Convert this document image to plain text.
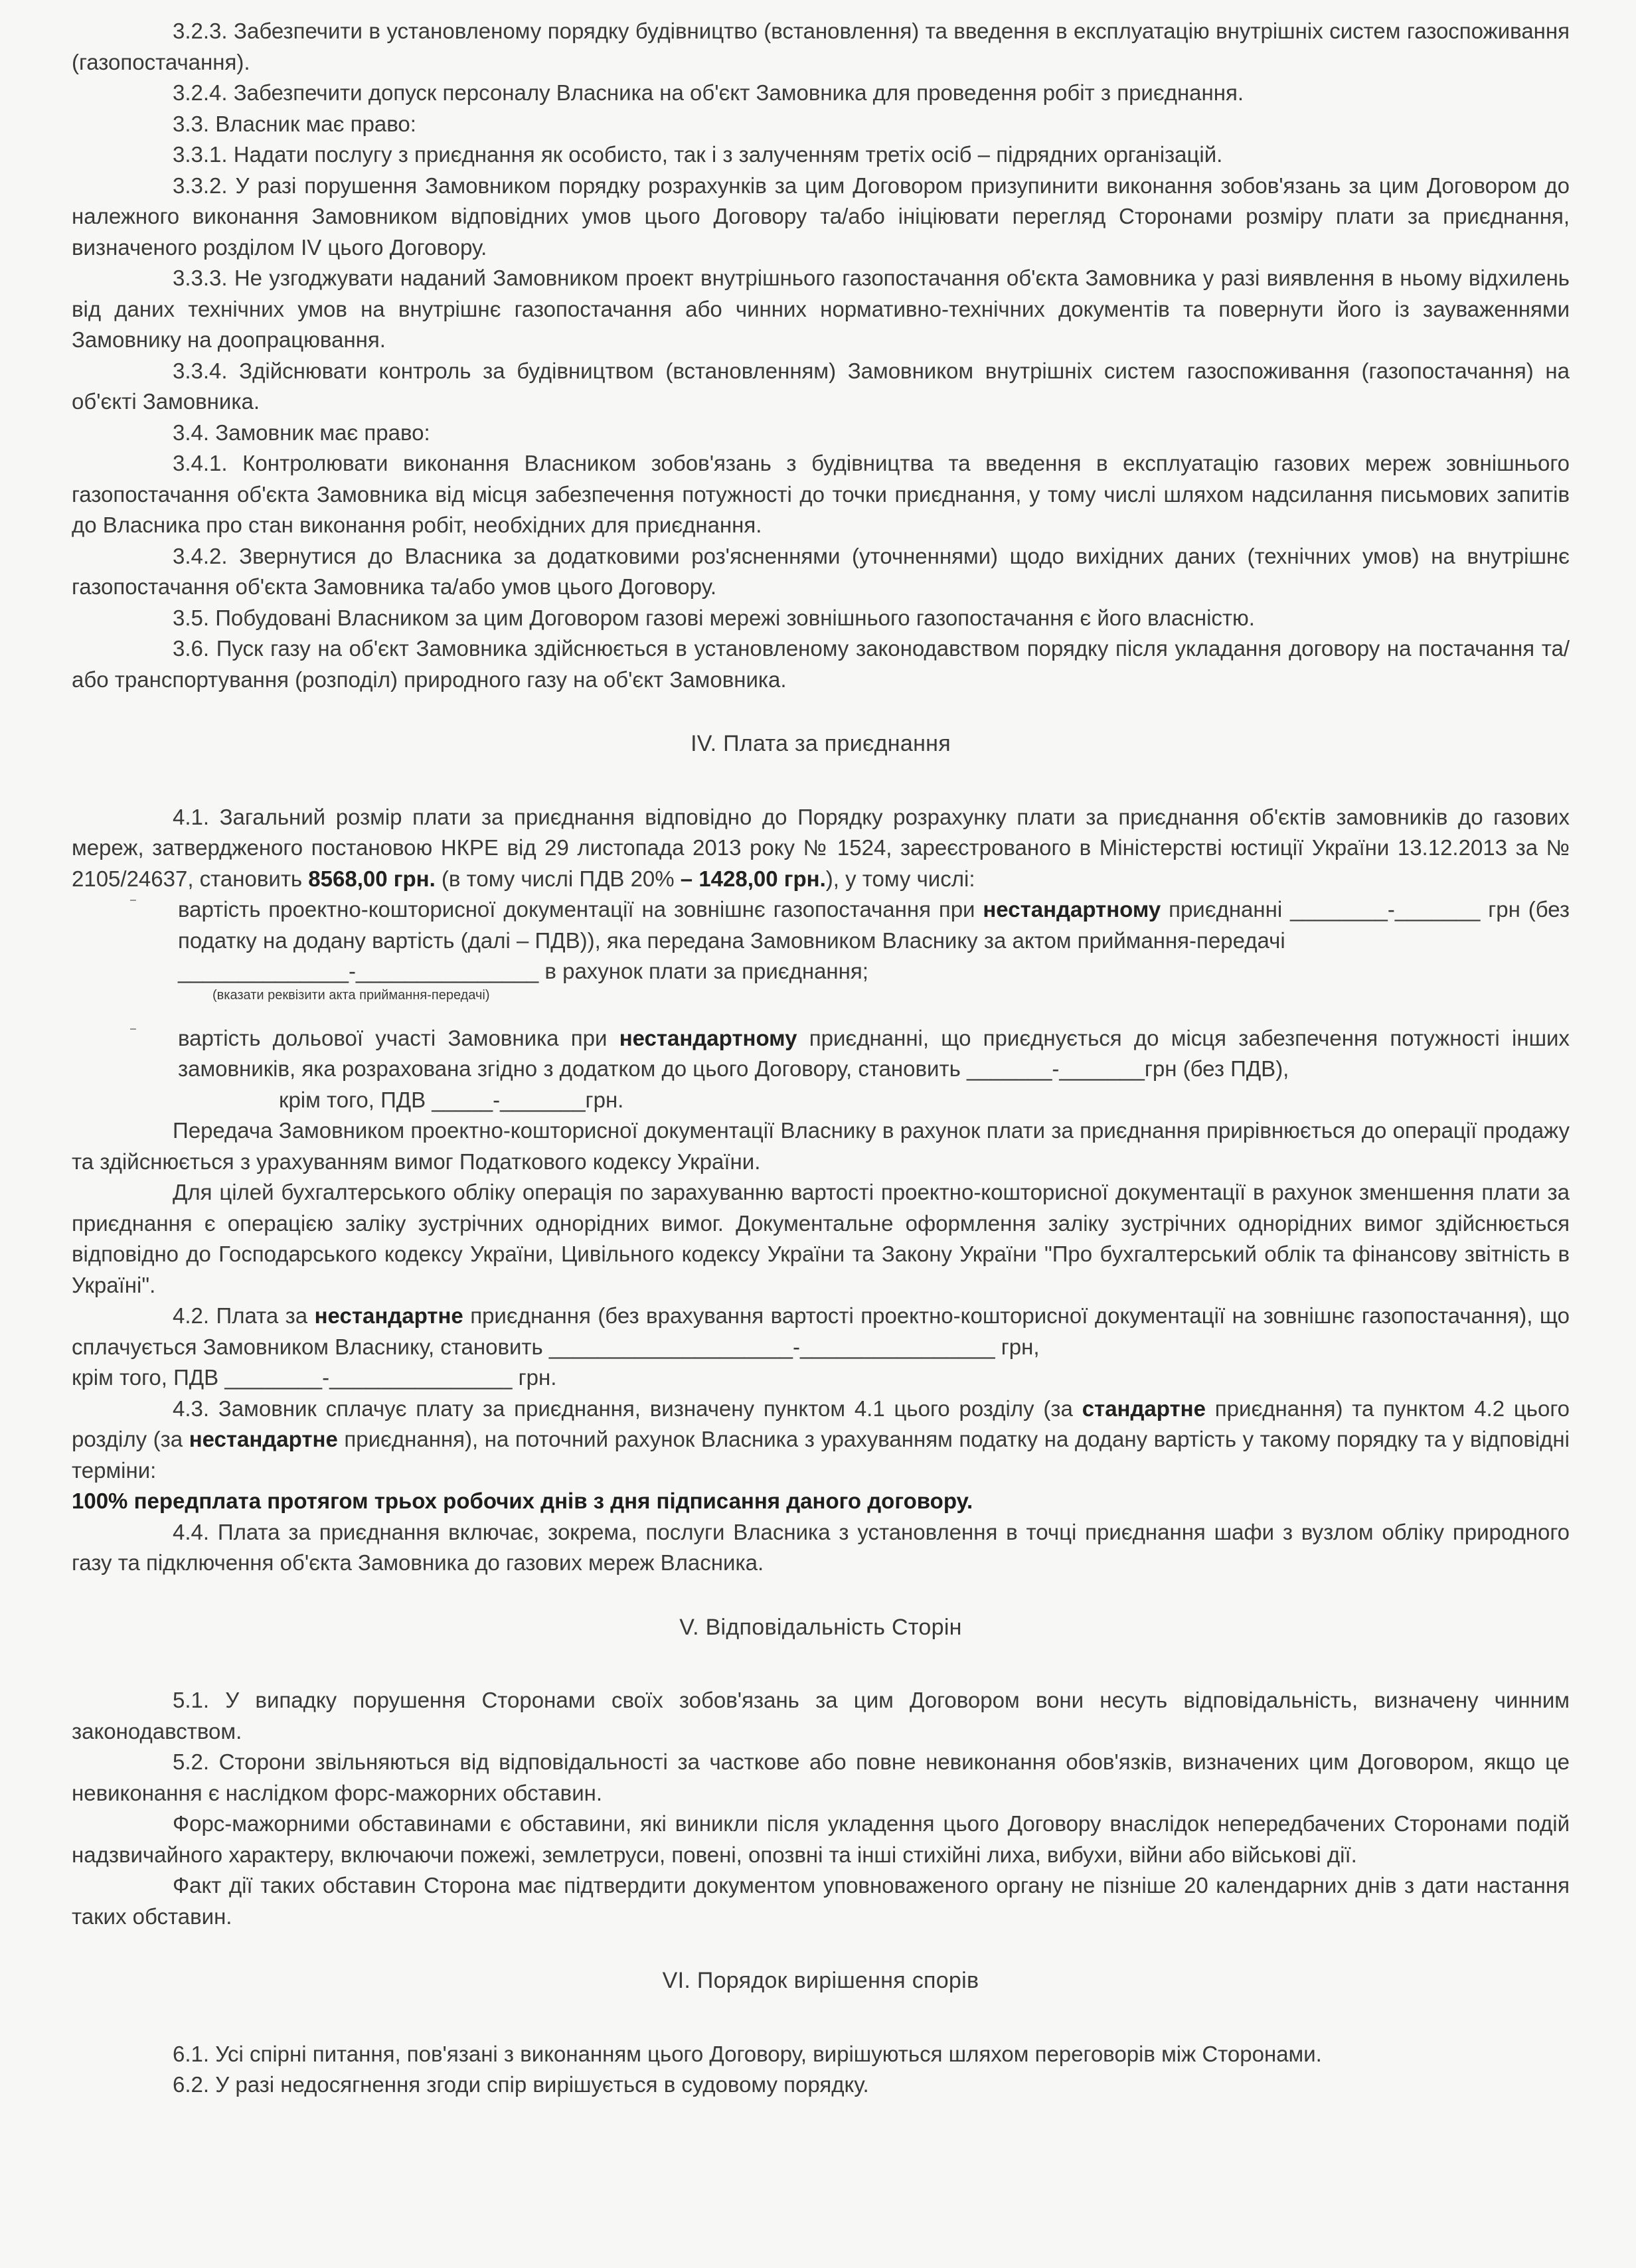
3.2.3. Забезпечити в установленому порядку будівництво (встановлення) та введення в експлуатацію внутрішніх систем газоспоживання (газопостачання).

3.2.4. Забезпечити допуск персоналу Власника на об'єкт Замовника для проведення робіт з приєднання.

3.3. Власник має право:

3.3.1. Надати послугу з приєднання як особисто, так і з залученням третіх осіб – підрядних організацій.

3.3.2. У разі порушення Замовником порядку розрахунків за цим Договором призупинити виконання зобов'язань за цим Договором до належного виконання Замовником відповідних умов цього Договору та/або ініціювати перегляд Сторонами розміру плати за приєднання, визначеного розділом IV цього Договору.

3.3.3. Не узгоджувати наданий Замовником проект внутрішнього газопостачання об'єкта Замовника у разі виявлення в ньому відхилень від даних технічних умов на внутрішнє газопостачання або чинних нормативно-технічних документів та повернути його із зауваженнями Замовнику на доопрацювання.

3.3.4. Здійснювати контроль за будівництвом (встановленням) Замовником внутрішніх систем газоспоживання (газопостачання) на об'єкті Замовника.

3.4. Замовник має право:

3.4.1. Контролювати виконання Власником зобов'язань з будівництва та введення в експлуатацію газових мереж зовнішнього газопостачання об'єкта Замовника від місця забезпечення потужності до точки приєднання, у тому числі шляхом надсилання письмових запитів до Власника про стан виконання робіт, необхідних для приєднання.

3.4.2. Звернутися до Власника за додатковими роз'ясненнями (уточненнями) щодо вихідних даних (технічних умов) на внутрішнє газопостачання об'єкта Замовника та/або умов цього Договору.

3.5. Побудовані Власником за цим Договором газові мережі зовнішнього газопостачання є його власністю.

3.6. Пуск газу на об'єкт Замовника здійснюється в установленому законодавством порядку після укладання договору на постачання та/або транспортування (розподіл) природного газу на об'єкт Замовника.

IV. Плата за приєднання

4.1. Загальний розмір плати за приєднання відповідно до Порядку розрахунку плати за приєднання об'єктів замовників до газових мереж, затвердженого постановою НКРЕ від 29 листопада 2013 року № 1524, зареєстрованого в Міністерстві юстиції України 13.12.2013 за № 2105/24637, становить 8568,00 грн. (в тому числі ПДВ 20% – 1428,00 грн.), у тому числі:

–	вартість проектно-кошторисної документації на зовнішнє газопостачання при нестандартному приєднанні ________-_______ грн (без податку на додану вартість (далі – ПДВ)), яка передана Замовником Власнику за актом приймання-передачі

______________-_______________ в рахунок плати за приєднання;

(вказати реквізити акта приймання-передачі)

–	вартість дольової участі Замовника при нестандартному приєднанні, що приєднується до місця забезпечення потужності інших замовників, яка розрахована згідно з додатком до цього Договору, становить _______-_______грн (без ПДВ),

крім того, ПДВ _____-_______грн.

Передача Замовником проектно-кошторисної документації Власнику в рахунок плати за приєднання прирівнюється до операції продажу та здійснюється з урахуванням вимог Податкового кодексу України.

Для цілей бухгалтерського обліку операція по зарахуванню вартості проектно-кошторисної документації в рахунок зменшення плати за приєднання є операцією заліку зустрічних однорідних вимог. Документальне оформлення заліку зустрічних однорідних вимог здійснюється відповідно до Господарського кодексу України, Цивільного кодексу України та Закону України "Про бухгалтерський облік та фінансову звітність в Україні".

4.2. Плата за нестандартне приєднання (без врахування вартості проектно-кошторисної документації на зовнішнє газопостачання), що сплачується Замовником Власнику, становить ____________________-________________ грн,

крім того, ПДВ ________-_______________ грн.

4.3. Замовник сплачує плату за приєднання, визначену пунктом 4.1 цього розділу (за стандартне приєднання) та пунктом 4.2 цього розділу (за нестандартне приєднання), на поточний рахунок Власника з урахуванням податку на додану вартість у такому порядку та у відповідні терміни:

100% передплата протягом трьох робочих днів з дня підписання даного договору.

4.4. Плата за приєднання включає, зокрема, послуги Власника з установлення в точці приєднання шафи з вузлом обліку природного газу та підключення об'єкта Замовника до газових мереж Власника.

V. Відповідальність Сторін

5.1. У випадку порушення Сторонами своїх зобов'язань за цим Договором вони несуть відповідальність, визначену чинним законодавством.

5.2. Сторони звільняються від відповідальності за часткове або повне невиконання обов'язків, визначених цим Договором, якщо це невиконання є наслідком форс-мажорних обставин.

Форс-мажорними обставинами є обставини, які виникли після укладення цього Договору внаслідок непередбачених Сторонами подій надзвичайного характеру, включаючи пожежі, землетруси, повені, опозвні та інші стихійні лиха, вибухи, війни або військові дії.

Факт дії таких обставин Сторона має підтвердити документом уповноваженого органу не пізніше 20 календарних днів з дати настання таких обставин.

VI. Порядок вирішення спорів

6.1. Усі спірні питання, пов'язані з виконанням цього Договору, вирішуються шляхом переговорів між Сторонами.

6.2. У разі недосягнення згоди спір вирішується в судовому порядку.
